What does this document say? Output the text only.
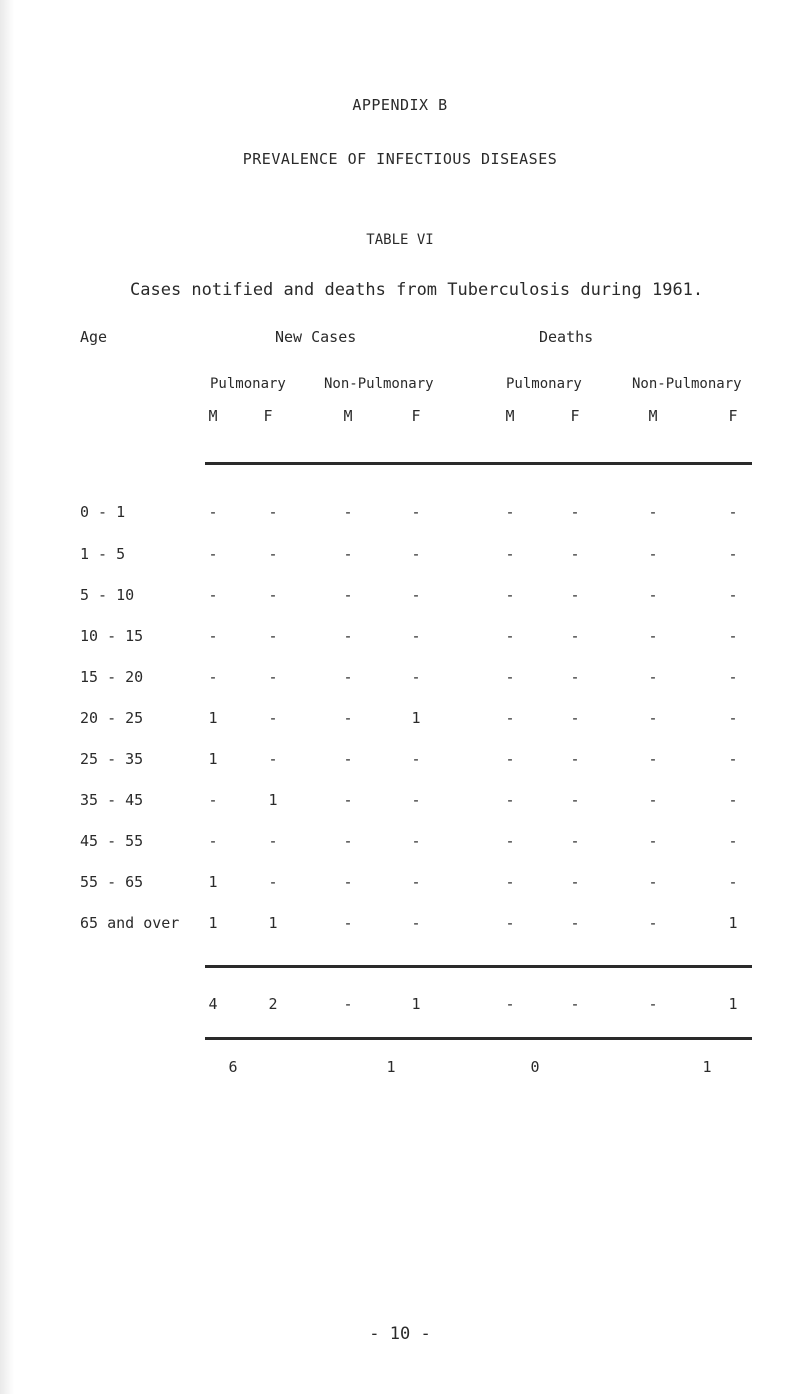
APPENDIX B
PREVALENCE OF INFECTIOUS DISEASES
TABLE VI
Cases notified and deaths from Tuberculosis during 1961.
Age	New Cases	Deaths
Pulmonary	Non-Pulmonary	Pulmonary	Non-Pulmonary
M	F	M	F	M	F	M	F
0 - 1	-	-	-	-	-	-	-	-
1 - 5	-	-	-	-	-	-	-	-
5 - 10	-	-	-	-	-	-	-	-
10 - 15	-	-	-	-	-	-	-	-
15 - 20	-	-	-	-	-	-	-	-
20 - 25	1	-	-	1	-	-	-	-
25 - 35	1	-	-	-	-	-	-	-
35 - 45	-	1	-	-	-	-	-	-
45 - 55	-	-	-	-	-	-	-	-
55 - 65	1	-	-	-	-	-	-	-
65 and over	1	1	-	-	-	-	-	1
4	2	-	1	-	-	-	1
6	1	0	1
- 10 -
